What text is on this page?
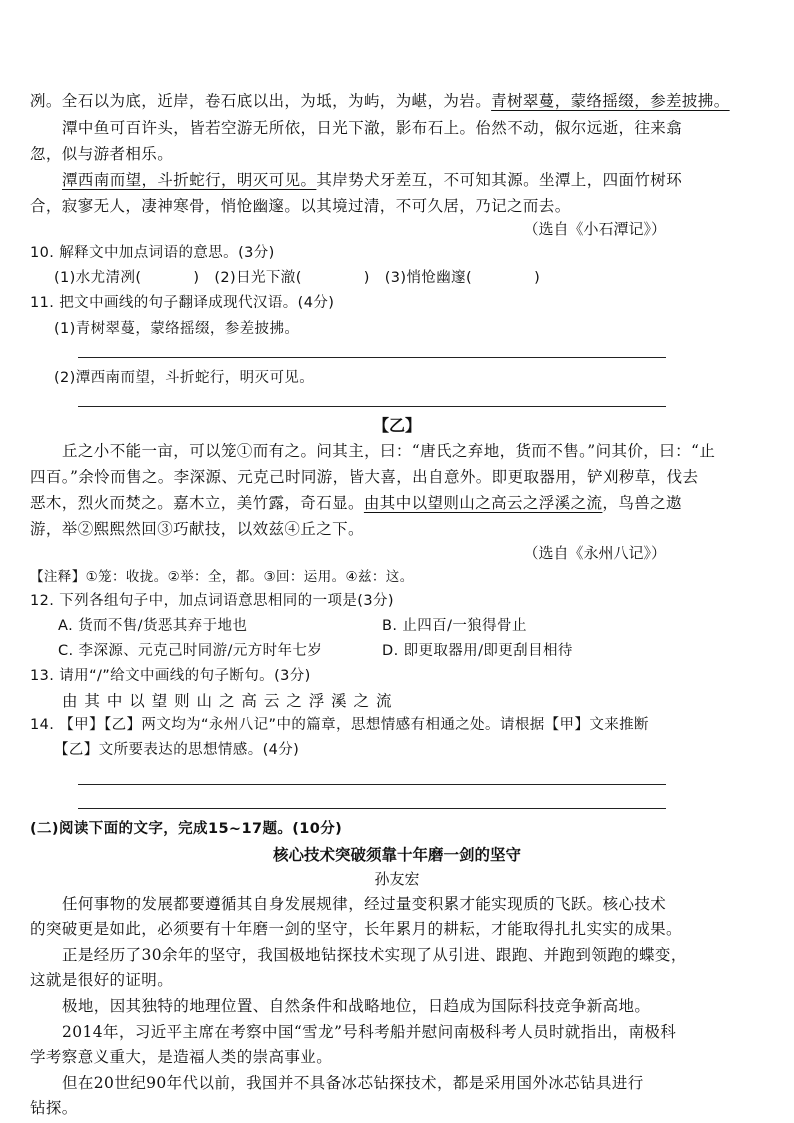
冽。全石以为底，近岸，卷石底以出，为坻，为屿，为嵁，为岩。青树翠蔓，蒙络摇缀，参差披拂。
潭中鱼可百许头，皆若空游无所依，日光下澈，影布石上。佁然不动，俶尔远逝，往来翕
忽，似与游者相乐。
潭西南而望，斗折蛇行，明灭可见。其岸势犬牙差互，不可知其源。坐潭上，四面竹树环
合，寂寥无人，凄神寒骨，悄怆幽邃。以其境过清，不可久居，乃记之而去。
（选自《小石潭记》）
10. 解释文中加点词语的意思。(3分)
(1)水尤清冽(	)　(2)日光下澈(	)　(3)悄怆幽邃(	)
11. 把文中画线的句子翻译成现代汉语。(4分)
(1)青树翠蔓，蒙络摇缀，参差披拂。
(2)潭西南而望，斗折蛇行，明灭可见。
【乙】
丘之小不能一亩，可以笼①而有之。问其主，曰：“唐氏之弃地，货而不售。”问其价，曰：“止
四百。”余怜而售之。李深源、元克己时同游，皆大喜，出自意外。即更取器用，铲刈秽草，伐去
恶木，烈火而焚之。嘉木立，美竹露，奇石显。由其中以望则山之高云之浮溪之流，鸟兽之遨
游，举②熙熙然回③巧献技，以效兹④丘之下。
（选自《永州八记》）
【注释】①笼：收拢。②举：全，都。③回：运用。④兹：这。
12. 下列各组句子中，加点词语意思相同的一项是(3分)
A. 货而不售/货恶其弃于地也	B. 止四百/一狼得骨止
C. 李深源、元克己时同游/元方时年七岁	D. 即更取器用/即更刮目相待
13. 请用“/”给文中画线的句子断句。(3分)
由 其 中 以 望 则 山 之 高 云 之 浮 溪 之 流
14. 【甲】【乙】两文均为“永州八记”中的篇章，思想情感有相通之处。请根据【甲】文来推断
【乙】文所要表达的思想情感。(4分)
(二)阅读下面的文字，完成15~17题。(10分)
核心技术突破须靠十年磨一剑的坚守
孙友宏
任何事物的发展都要遵循其自身发展规律，经过量变积累才能实现质的飞跃。核心技术
的突破更是如此，必须要有十年磨一剑的坚守，长年累月的耕耘，才能取得扎扎实实的成果。
正是经历了30余年的坚守，我国极地钻探技术实现了从引进、跟跑、并跑到领跑的蝶变，
这就是很好的证明。
极地，因其独特的地理位置、自然条件和战略地位，日趋成为国际科技竞争新高地。
2014年，习近平主席在考察中国“雪龙”号科考船并慰问南极科考人员时就指出，南极科
学考察意义重大，是造福人类的崇高事业。
但在20世纪90年代以前，我国并不具备冰芯钻探技术，都是采用国外冰芯钻具进行
钻探。
